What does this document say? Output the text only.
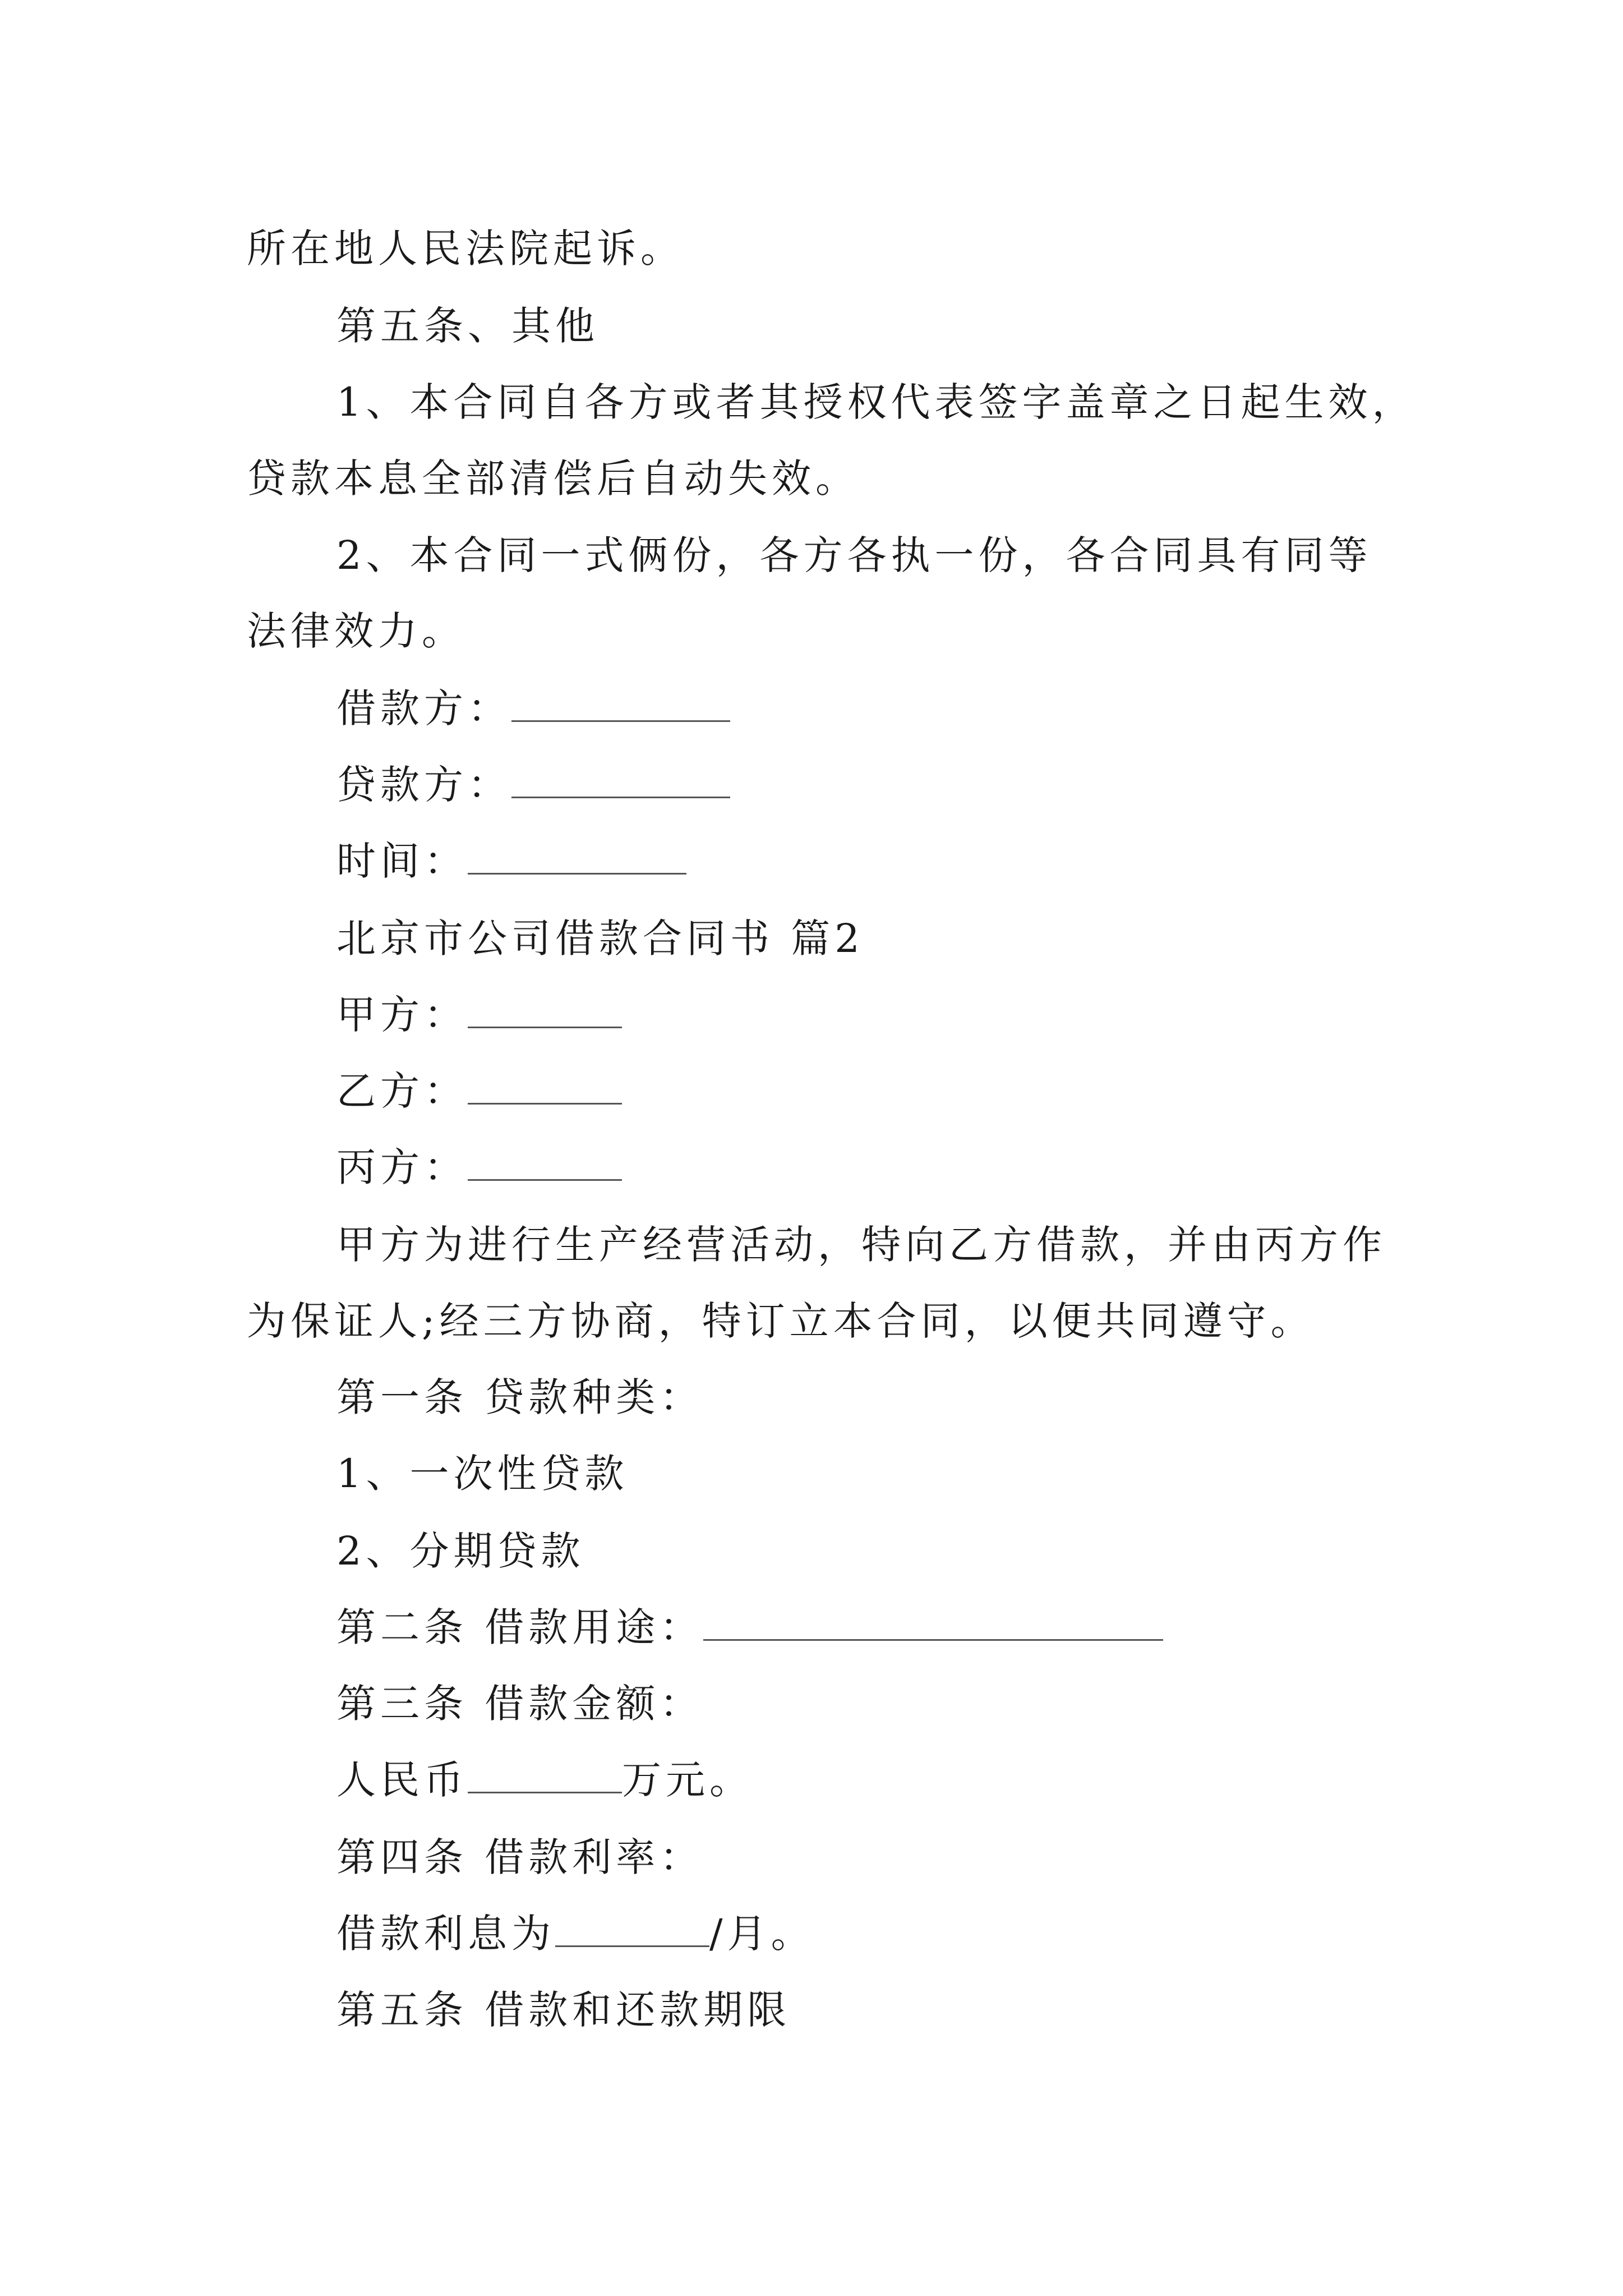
所在地人民法院起诉。
第五条、其他
1、本合同自各方或者其授权代表签字盖章之日起生效，
贷款本息全部清偿后自动失效。
2、本合同一式俩份，各方各执一份，各合同具有同等
法律效力。
借款方：
贷款方：
时间：
北京市公司借款合同书 篇2
甲方：
乙方：
丙方：
甲方为进行生产经营活动，特向乙方借款，并由丙方作
为保证人;经三方协商，特订立本合同，以便共同遵守。
第一条 贷款种类：
1、一次性贷款
2、分期贷款
第二条 借款用途：
第三条 借款金额：
人民币	万元。
第四条 借款利率：
借款利息为	/月。
第五条 借款和还款期限
